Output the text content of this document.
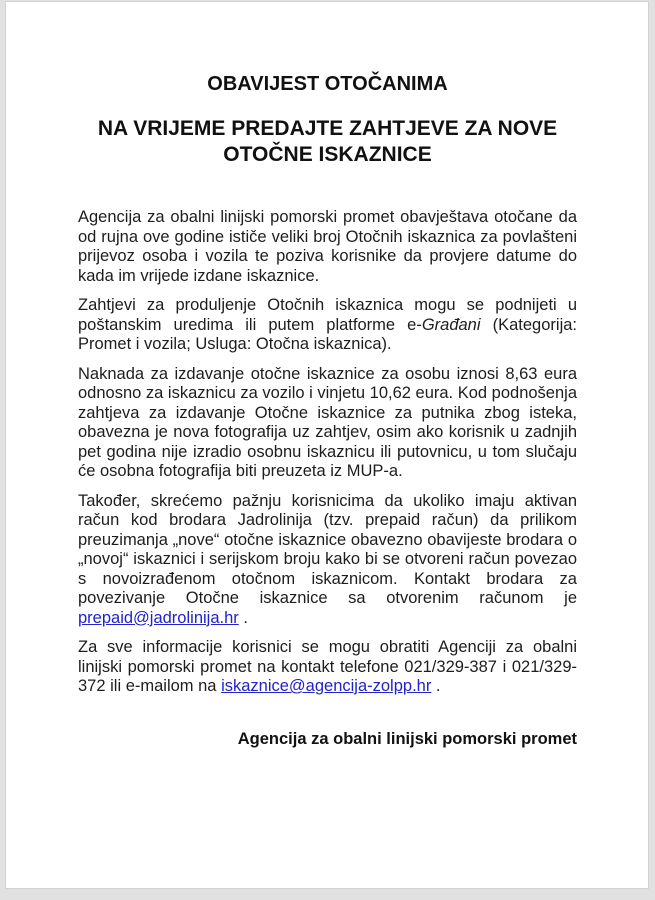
OBAVIJEST OTOČANIMA
NA VRIJEME PREDAJTE ZAHTJEVE ZA NOVE OTOČNE ISKAZNICE

Agencija za obalni linijski pomorski promet obavještava otočane da od rujna ove godine ističe veliki broj Otočnih iskaznica za povlašteni prijevoz osoba i vozila te poziva korisnike da provjere datume do kada im vrijede izdane iskaznice.

Zahtjevi za produljenje Otočnih iskaznica mogu se podnijeti u poštanskim uredima ili putem platforme e-Građani (Kategorija: Promet i vozila; Usluga: Otočna iskaznica).

Naknada za izdavanje otočne iskaznice za osobu iznosi 8,63 eura odnosno za iskaznicu za vozilo i vinjetu 10,62 eura. Kod podnošenja zahtjeva za izdavanje Otočne iskaznice za putnika zbog isteka, obavezna je nova fotografija uz zahtjev, osim ako korisnik u zadnjih pet godina nije izradio osobnu iskaznicu ili putovnicu, u tom slučaju će osobna fotografija biti preuzeta iz MUP-a.

Također, skrećemo pažnju korisnicima da ukoliko imaju aktivan račun kod brodara Jadrolinija (tzv. prepaid račun) da prilikom preuzimanja „nove“ otočne iskaznice obavezno obavijeste brodara o „novoj“ iskaznici i serijskom broju kako bi se otvoreni račun povezao s novoizrađenom otočnom iskaznicom. Kontakt brodara za povezivanje Otočne iskaznice sa otvorenim računom je prepaid@jadrolinija.hr .

Za sve informacije korisnici se mogu obratiti Agenciji za obalni linijski pomorski promet na kontakt telefone 021/329-387 i 021/329-372 ili e-mailom na iskaznice@agencija-zolpp.hr .

Agencija za obalni linijski pomorski promet
